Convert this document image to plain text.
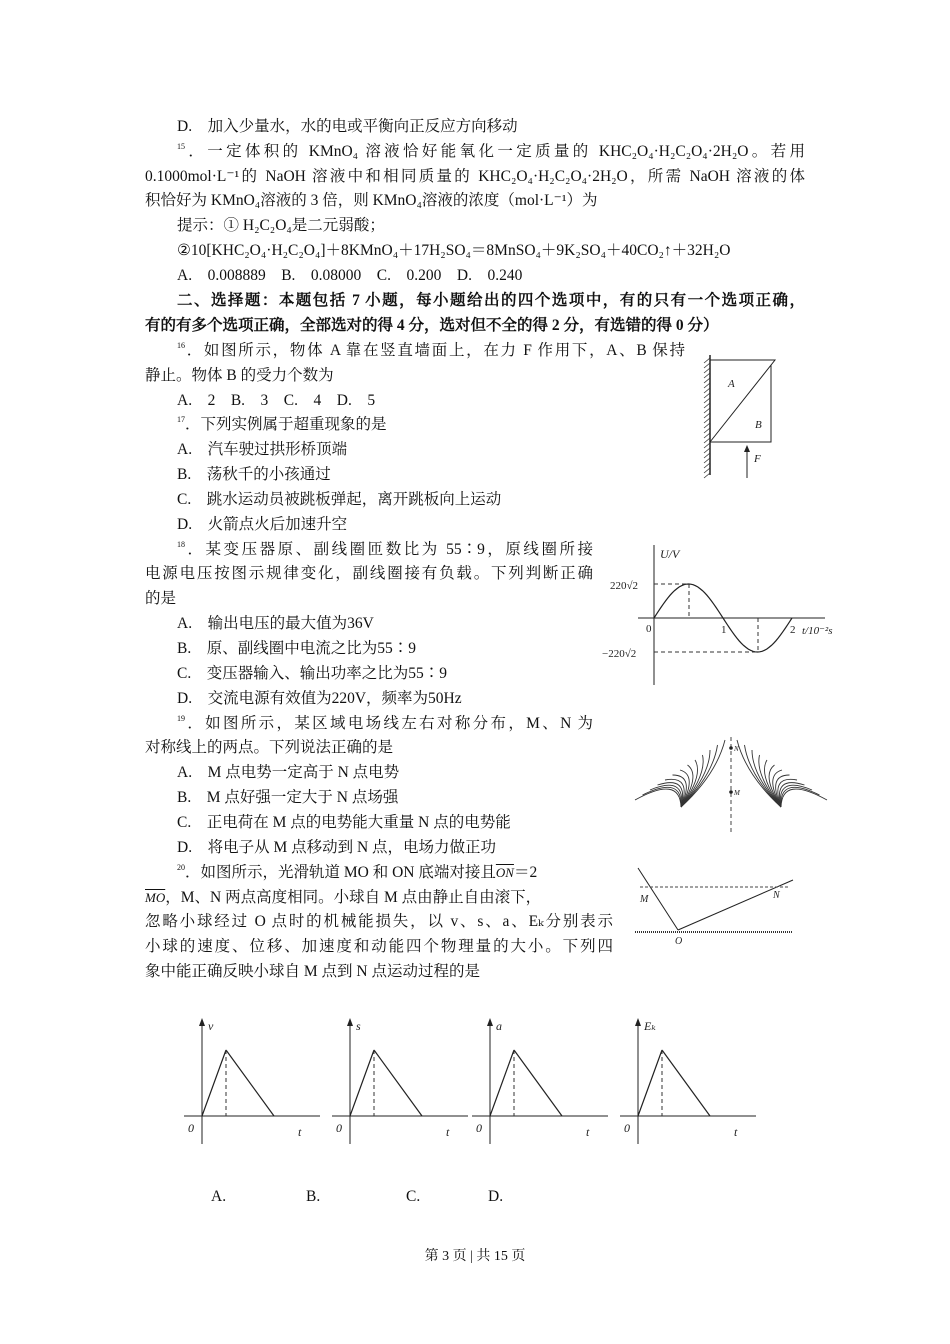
D.　加入少量水，水的电或平衡向正反应方向移动
$^{15}$．一定体积的 KMnO₄ 溶液恰好能氧化一定质量的 KHC₂O₄·H₂C₂O₄·2H₂O。若用
0.1000mol·L⁻¹的 NaOH 溶液中和相同质量的 KHC₂O₄·H₂C₂O₄·2H₂O，所需 NaOH 溶液的体
积恰好为 KMnO₄溶液的 3 倍，则 KMnO₄溶液的浓度（mol·L⁻¹）为
提示：① H₂C₂O₄是二元弱酸；
②10[KHC₂O₄·H₂C₂O₄]＋8KMnO₄＋17H₂SO₄＝8MnSO₄＋9K₂SO₄＋40CO₂↑＋32H₂O
A.　0.008889　B.　0.08000　C.　0.200　D.　0.240
二、选择题：本题包括 7 小题，每小题给出的四个选项中，有的只有一个选项正确，
有的有多个选项正确，全部选对的得 4 分，选对但不全的得 2 分，有选错的得 0 分）
$^{16}$．如图所示，物体 A 靠在竖直墙面上，在力 F 作用下，A、B 保持
静止。物体 B 的受力个数为
A.　2　B.　3　C.　4　D.　5
$^{17}$．下列实例属于超重现象的是
A.　汽车驶过拱形桥顶端
B.　荡秋千的小孩通过
C.　跳水运动员被跳板弹起，离开跳板向上运动
D.　火箭点火后加速升空
$^{18}$．某变压器原、副线圈匝数比为 55∶9，原线圈所接
电源电压按图示规律变化，副线圈接有负载。下列判断正确
的是
A.　输出电压的最大值为36V
B.　原、副线圈中电流之比为55∶9
C.　变压器输入、输出功率之比为55∶9
D.　交流电源有效值为220V，频率为50Hz
$^{19}$．如图所示，某区域电场线左右对称分布，M、N 为
对称线上的两点。下列说法正确的是
A.　M 点电势一定高于 N 点电势
B.　M 点好强一定大于 N 点场强
C.　正电荷在 M 点的电势能大重量 N 点的电势能
D.　将电子从 M 点移动到 N 点，电场力做正功
$^{20}$．如图所示，光滑轨道 MO 和 ON 底端对接且$\overline{ON}=2$
$\overline{MO}$，M、N 两点高度相同。小球自 M 点由静止自由滚下，
忽略小球经过 O 点时的机械能损失，以 v、s、a、Eₖ分别表示
小球的速度、位移、加速度和动能四个物理量的大小。下列四
象中能正确反映小球自 M 点到 N 点运动过程的是
A
B
F
U/V
t/10⁻²s
220√2
−220√2
0	1	2
N
M
M	N
O
v
t
0
s
t
0
a
t
0
Eₖ
t
0
A.	B.	C.	D.
第 3 页 | 共 15 页
